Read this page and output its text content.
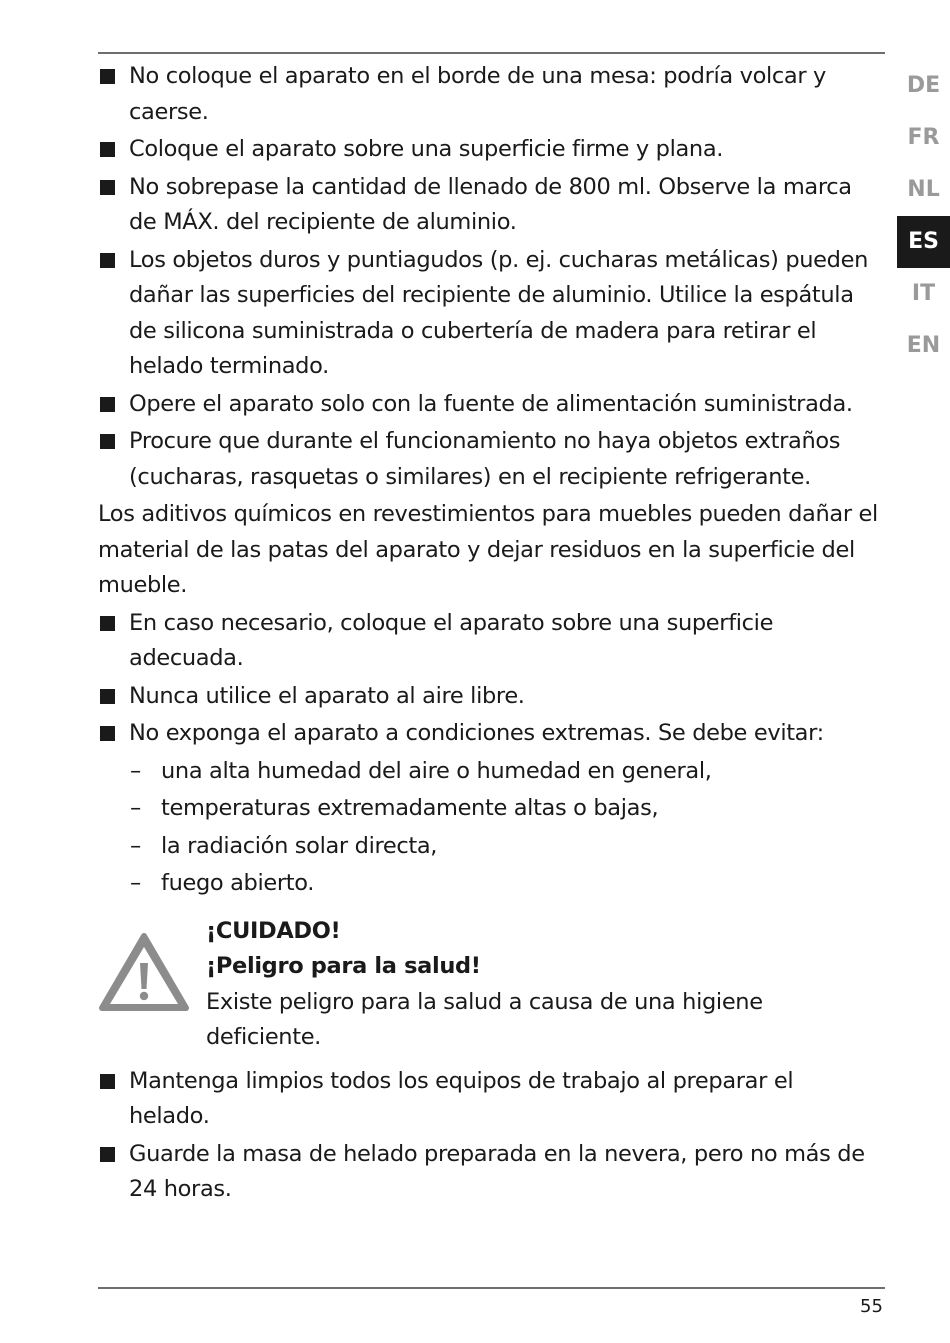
DE
FR
NL
ES
IT
EN
No coloque el aparato en el borde de una mesa: podría volcar y caerse.
Coloque el aparato sobre una superficie firme y plana.
No sobrepase la cantidad de llenado de 800 ml. Observe la marca de MÁX. del recipiente de aluminio.
Los objetos duros y puntiagudos (p. ej. cucharas metálicas) pueden dañar las superficies del recipiente de aluminio. Utilice la espátula de silicona suministrada o cubertería de madera para retirar el helado terminado.
Opere el aparato solo con la fuente de alimentación suministrada.
Procure que durante el funcionamiento no haya objetos extraños (cucharas, rasquetas o similares) en el recipiente refrigerante.

Los aditivos químicos en revestimientos para muebles pueden dañar el material de las patas del aparato y dejar residuos en la superficie del mueble.

En caso necesario, coloque el aparato sobre una superficie adecuada.
Nunca utilice el aparato al aire libre.
No exponga el aparato a condiciones extremas. Se debe evitar:
– una alta humedad del aire o humedad en general,
– temperaturas extremadamente altas o bajas,
– la radiación solar directa,
– fuego abierto.
¡CUIDADO!
¡Peligro para la salud!
Existe peligro para la salud a causa de una higiene deficiente.
Mantenga limpios todos los equipos de trabajo al preparar el helado.
Guarde la masa de helado preparada en la nevera, pero no más de 24 horas.
55
